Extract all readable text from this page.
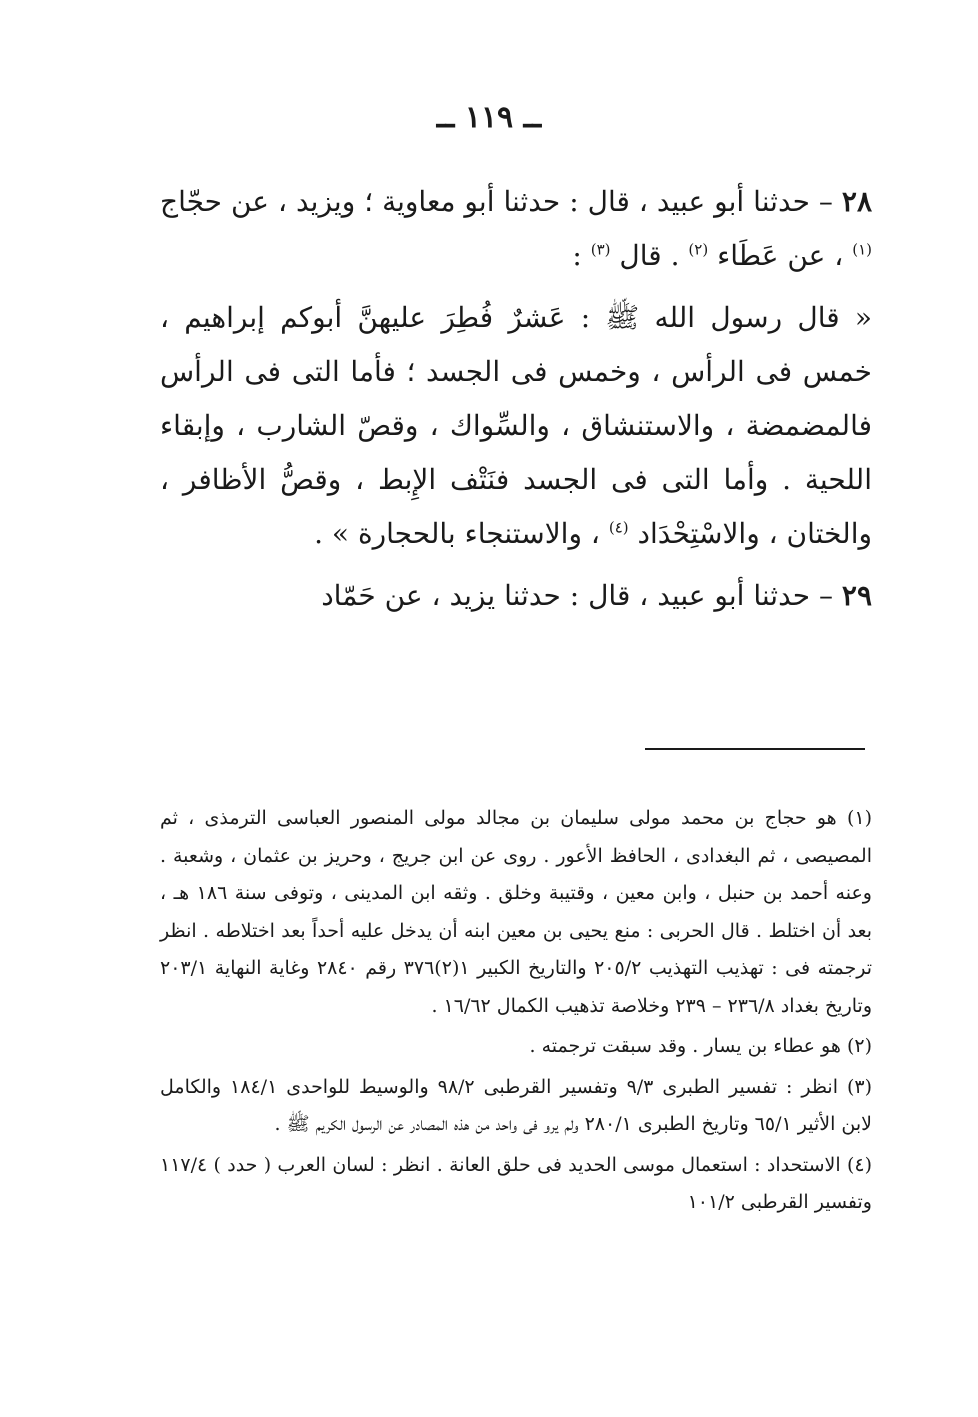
ــ ١١٩ ــ

٢٨ – حدثنا أبو عبيد ، قال : حدثنا أبو معاوية ؛ ويزيد ، عن حجّاج $^{(١)}$ ، عن عَطَاء $^{(٢)}$ . قال $^{(٣)}$ :

« قال رسول الله ﷺ : عَشرٌ فُطِرَ عليهنَّ أبوكم إبراهيم ، خمس فى الرأس ، وخمس فى الجسد ؛ فأما التى فى الرأس فالمضمضة ، والاستنشاق ، والسِّواك ، وقصّ الشارب ، وإبقاء اللحية . وأما التى فى الجسد فنَتْف الإِبط ، وقصُّ الأظافر ، والختان ، والاسْتِحْدَاد $^{(٤)}$ ، والاستنجاء بالحجارة » .

٢٩ – حدثنا أبو عبيد ، قال : حدثنا يزيد ، عن حَمّاد

(١) هو حجاج بن محمد مولى سليمان بن مجالد مولى المنصور العباسى الترمذى ، ثم المصيصى ، ثم البغدادى ، الحافظ الأعور . روى عن ابن جريج ، وحريز بن عثمان ، وشعبة . وعنه أحمد بن حنبل ، وابن معين ، وقتيبة وخلق . وثقه ابن المدينى ، وتوفى سنة ١٨٦ هـ ، بعد أن اختلط . قال الحربى : منع يحيى بن معين ابنه أن يدخل عليه أحداً بعد اختلاطه . انظر ترجمته فى : تهذيب التهذيب ٢٠٥/٢ والتاريخ الكبير ١(٢)٣٧٦ رقم ٢٨٤٠ وغاية النهاية ٢٠٣/١ وتاريخ بغداد ٢٣٦/٨ – ٢٣٩ وخلاصة تذهيب الكمال ١٦/٦٢ .

(٢) هو عطاء بن يسار . وقد سبقت ترجمته .

(٣) انظر : تفسير الطبرى ٩/٣ وتفسير القرطبى ٩٨/٢ والوسيط للواحدى ١٨٤/١ والكامل لابن الأثير ٦٥/١ وتاريخ الطبرى ٢٨٠/١ ولم يرو فى واحد من هذه المصادر عن الرسول الكريم ﷺ .

(٤) الاستحداد : استعمال موسى الحديد فى حلق العانة . انظر : لسان العرب ( حدد ) ١١٧/٤ وتفسير القرطبى ١٠١/٢
